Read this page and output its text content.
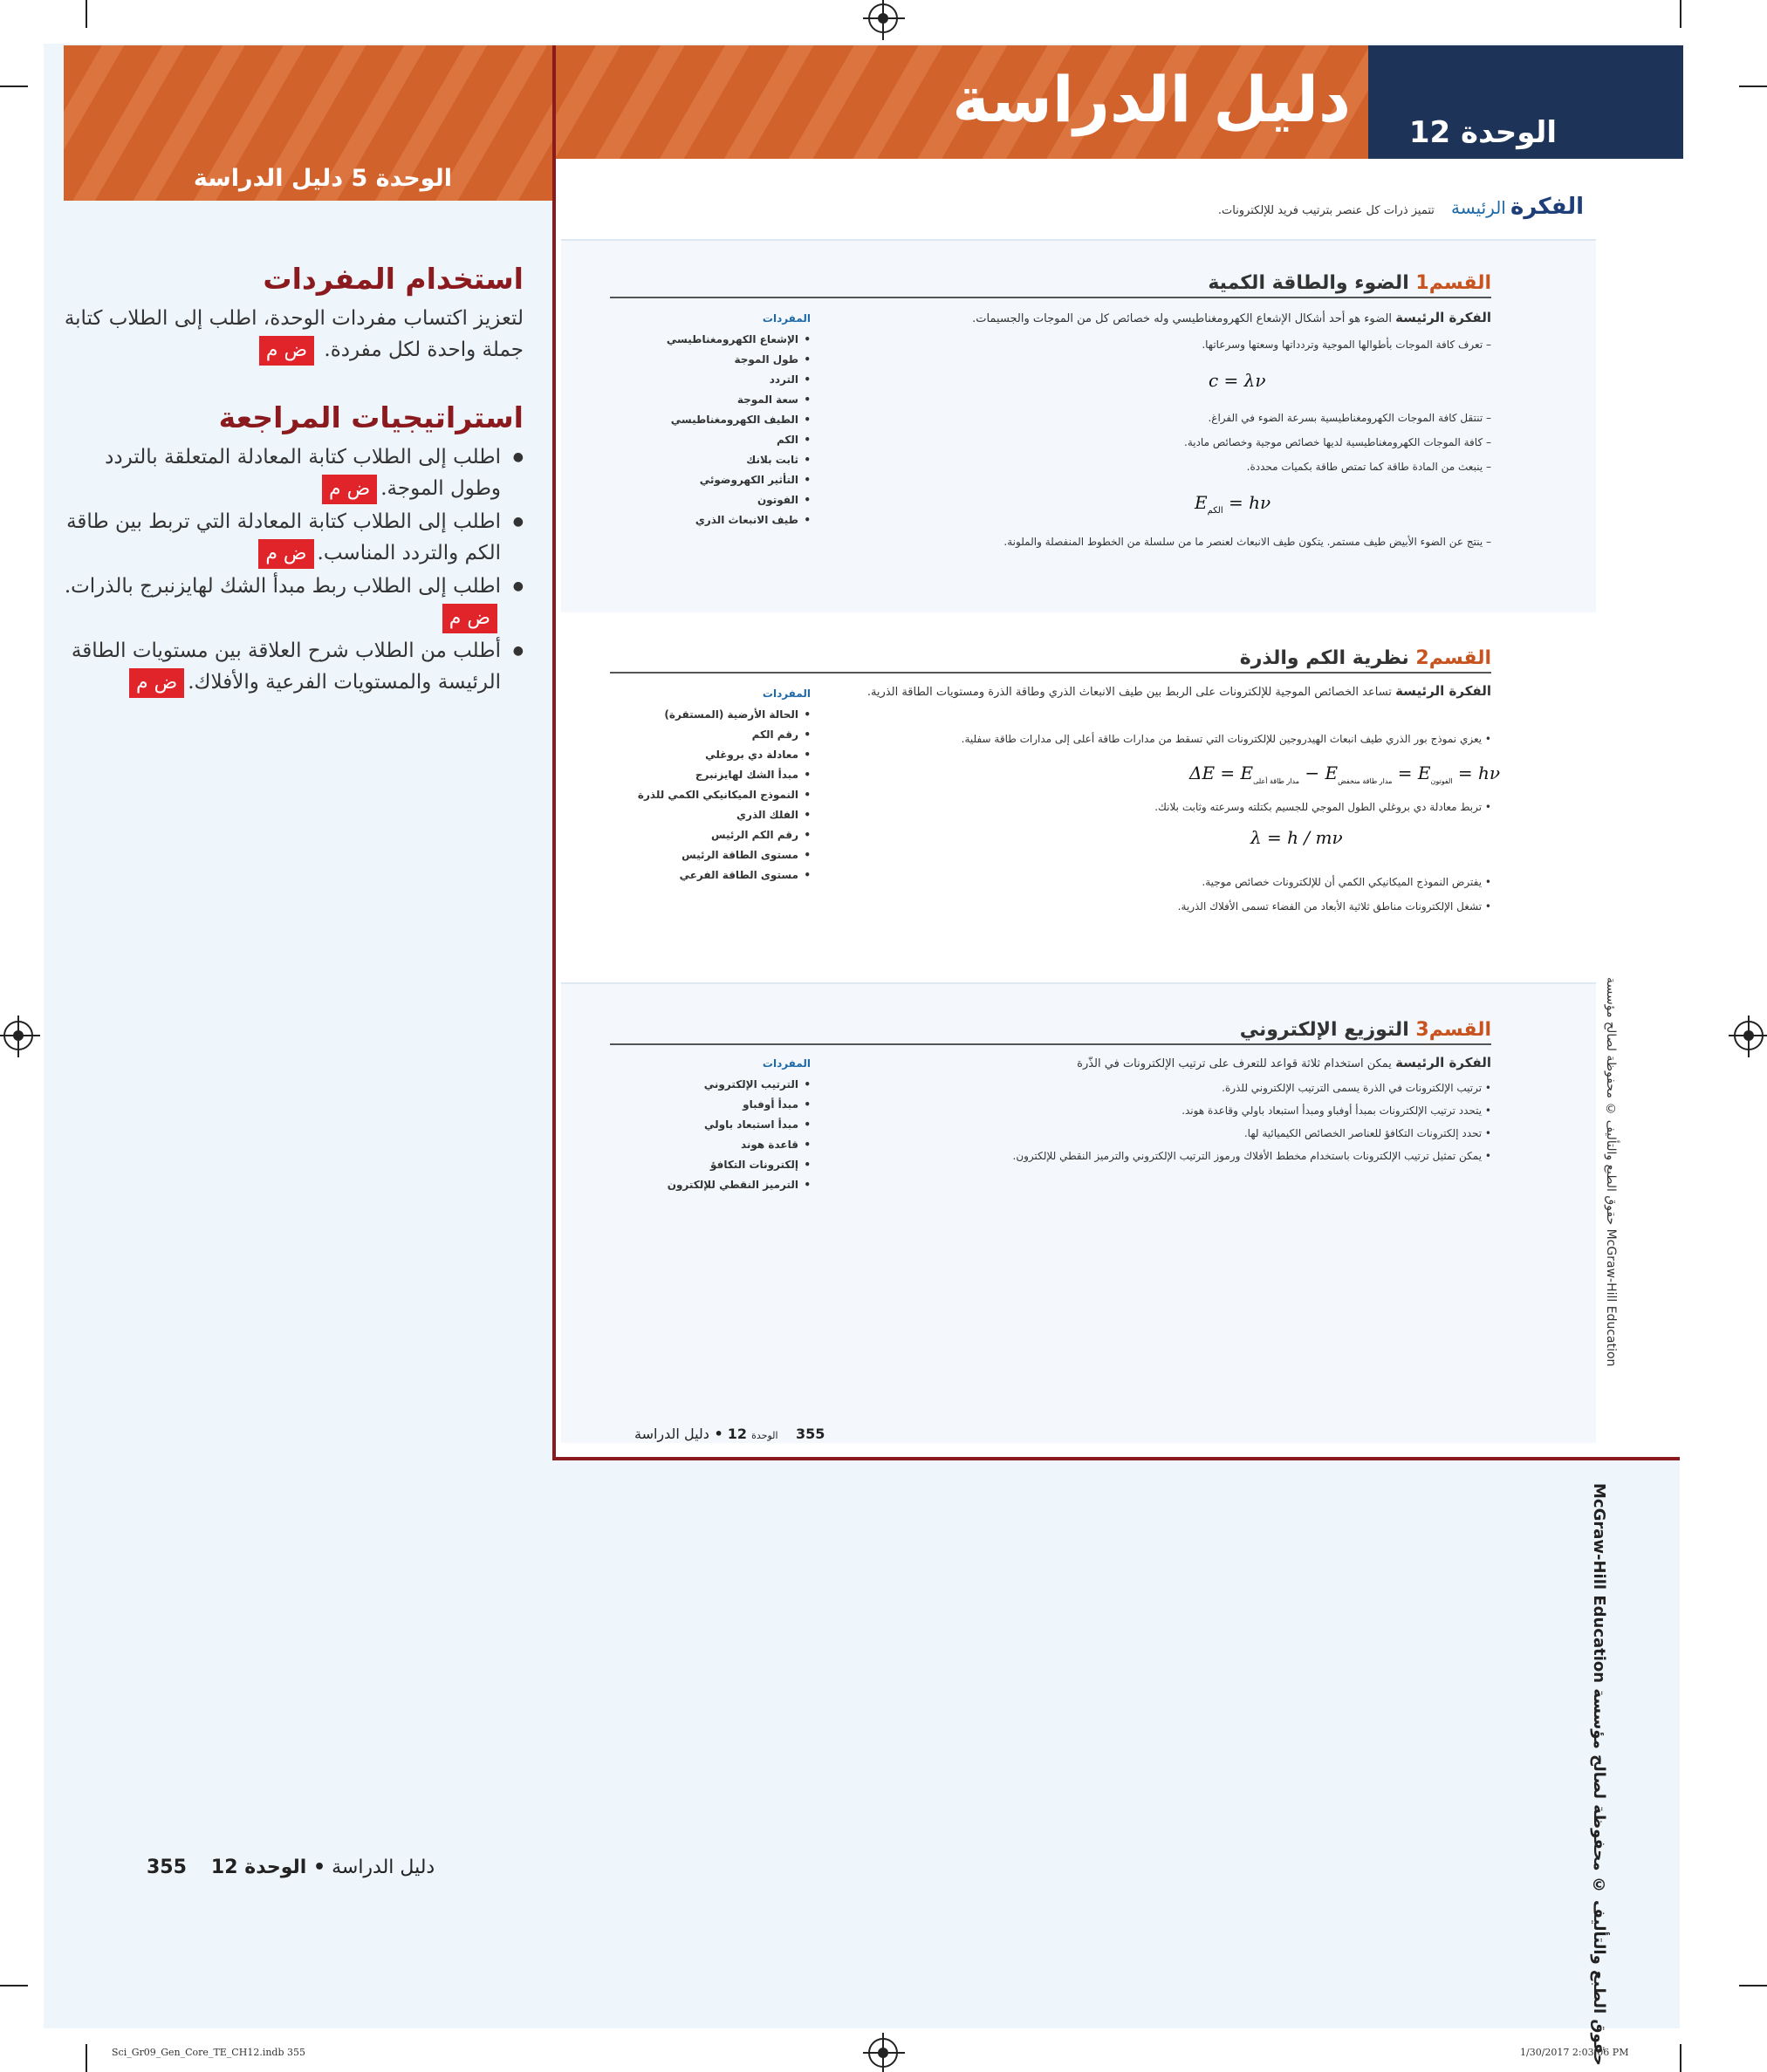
الوحدة 5 دليل الدراسة
استخدام المفردات

لتعزيز اكتساب مفردات الوحدة، اطلب إلى الطلاب كتابة جملة واحدة لكل مفردة. ض م

استراتيجيات المراجعة
● اطلب إلى الطلاب كتابة المعادلة المتعلقة بالتردد وطول الموجة.ض م
● اطلب إلى الطلاب كتابة المعادلة التي تربط بين طاقة الكم والتردد المناسب.ض م
● اطلب إلى الطلاب ربط مبدأ الشك لهايزنبرج بالذرات.ض م
● أطلب من الطلاب شرح العلاقة بين مستويات الطاقة الرئيسة والمستويات الفرعية والأفلاك.ض م
دليل الدراسة • الوحدة 12    355
دليل الدراسة الوحدة 12
الفكرة الرئيسة تتميز ذرات كل عنصر بترتيب فريد للإلكترونات.
القسم1 الضوء والطاقة الكمية
الفكرة الرئيسة الضوء هو أحد أشكال الإشعاع الكهرومغناطيسي وله خصائص كل من الموجات والجسيمات.
– تعرف كافة الموجات بأطوالها الموجية وتردداتها وسعتها وسرعاتها.
c = λν
– تنتقل كافة الموجات الكهرومغناطيسية بسرعة الضوء في الفراغ.
– كافة الموجات الكهرومغناطيسية لديها خصائص موجية وخصائص مادية.
– ينبعث من المادة طاقة كما تمتص طاقة بكميات محددة.
$E_{الكم} = h\nu$
– ينتج عن الضوء الأبيض طيف مستمر. يتكون طيف الانبعاث لعنصر ما من سلسلة من الخطوط المنفصلة والملونة.
المفردات
• الإشعاع الكهرومغناطيسي
• طول الموجة
• التردد
• سعة الموجة
• الطيف الكهرومغناطيسي
• الكم
• ثابت بلانك
• التأثير الكهروضوئي
• الفوتون
• طيف الانبعاث الذري
القسم2 نظرية الكم والذرة
الفكرة الرئيسة تساعد الخصائص الموجية للإلكترونات على الربط بين طيف الانبعاث الذري وطاقة الذرة ومستويات الطاقة الذرية.
• يعزي نموذج بور الذري طيف انبعاث الهيدروجين للإلكترونات التي تسقط من مدارات طاقة أعلى إلى مدارات طاقة سفلية.
$\Delta E = E_{مدار طاقة أعلى} - E_{مدار طاقة منخفض} = E_{الفوتون} = h\nu$
• تربط معادلة دي بروغلي الطول الموجي للجسيم بكتلته وسرعته وثابت بلانك.
λ = h / mν
• يفترض النموذج الميكانيكي الكمي أن للإلكترونات خصائص موجية.
• تشغل الإلكترونات مناطق ثلاثية الأبعاد من الفضاء تسمى الأفلاك الذرية.
المفردات
• الحالة الأرضية (المستقرة)
• رقم الكم
• معادلة دي بروغلي
• مبدأ الشك لهايزنبرج
• النموذج الميكانيكي الكمي للذرة
• الفلك الذري
• رقم الكم الرئيس
• مستوى الطاقة الرئيس
• مستوى الطاقة الفرعي
القسم3 التوزيع الإلكتروني
الفكرة الرئيسة يمكن استخدام ثلاثة قواعد للتعرف على ترتيب الإلكترونات في الذّرة
• ترتيب الإلكترونات في الذرة يسمى الترتيب الإلكتروني للذرة.
• يتحدد ترتيب الإلكترونات بمبدأ أوفباو ومبدأ استبعاد باولي وقاعدة هوند.
• تحدد إلكترونات التكافؤ للعناصر الخصائص الكيميائية لها.
• يمكن تمثيل ترتيب الإلكترونات باستخدام مخطط الأفلاك ورموز الترتيب الإلكتروني والترميز النقطي للإلكترون.
المفردات
• الترتيب الإلكتروني
• مبدأ أوفباو
• مبدأ استبعاد باولي
• قاعدة هوند
• إلكترونات التكافؤ
• الترميز النقطي للإلكترون
355    الوحدة 12 • دليل الدراسة
McGraw-Hill Education حقوق الطبع والتأليف © محفوظة لصالح مؤسسة
McGraw-Hill Education حقوق الطبع والتأليف © محفوظة لصالح مؤسسة
Sci_Gr09_Gen_Core_TE_CH12.indb 355	1/30/2017 2:03:06 PM
